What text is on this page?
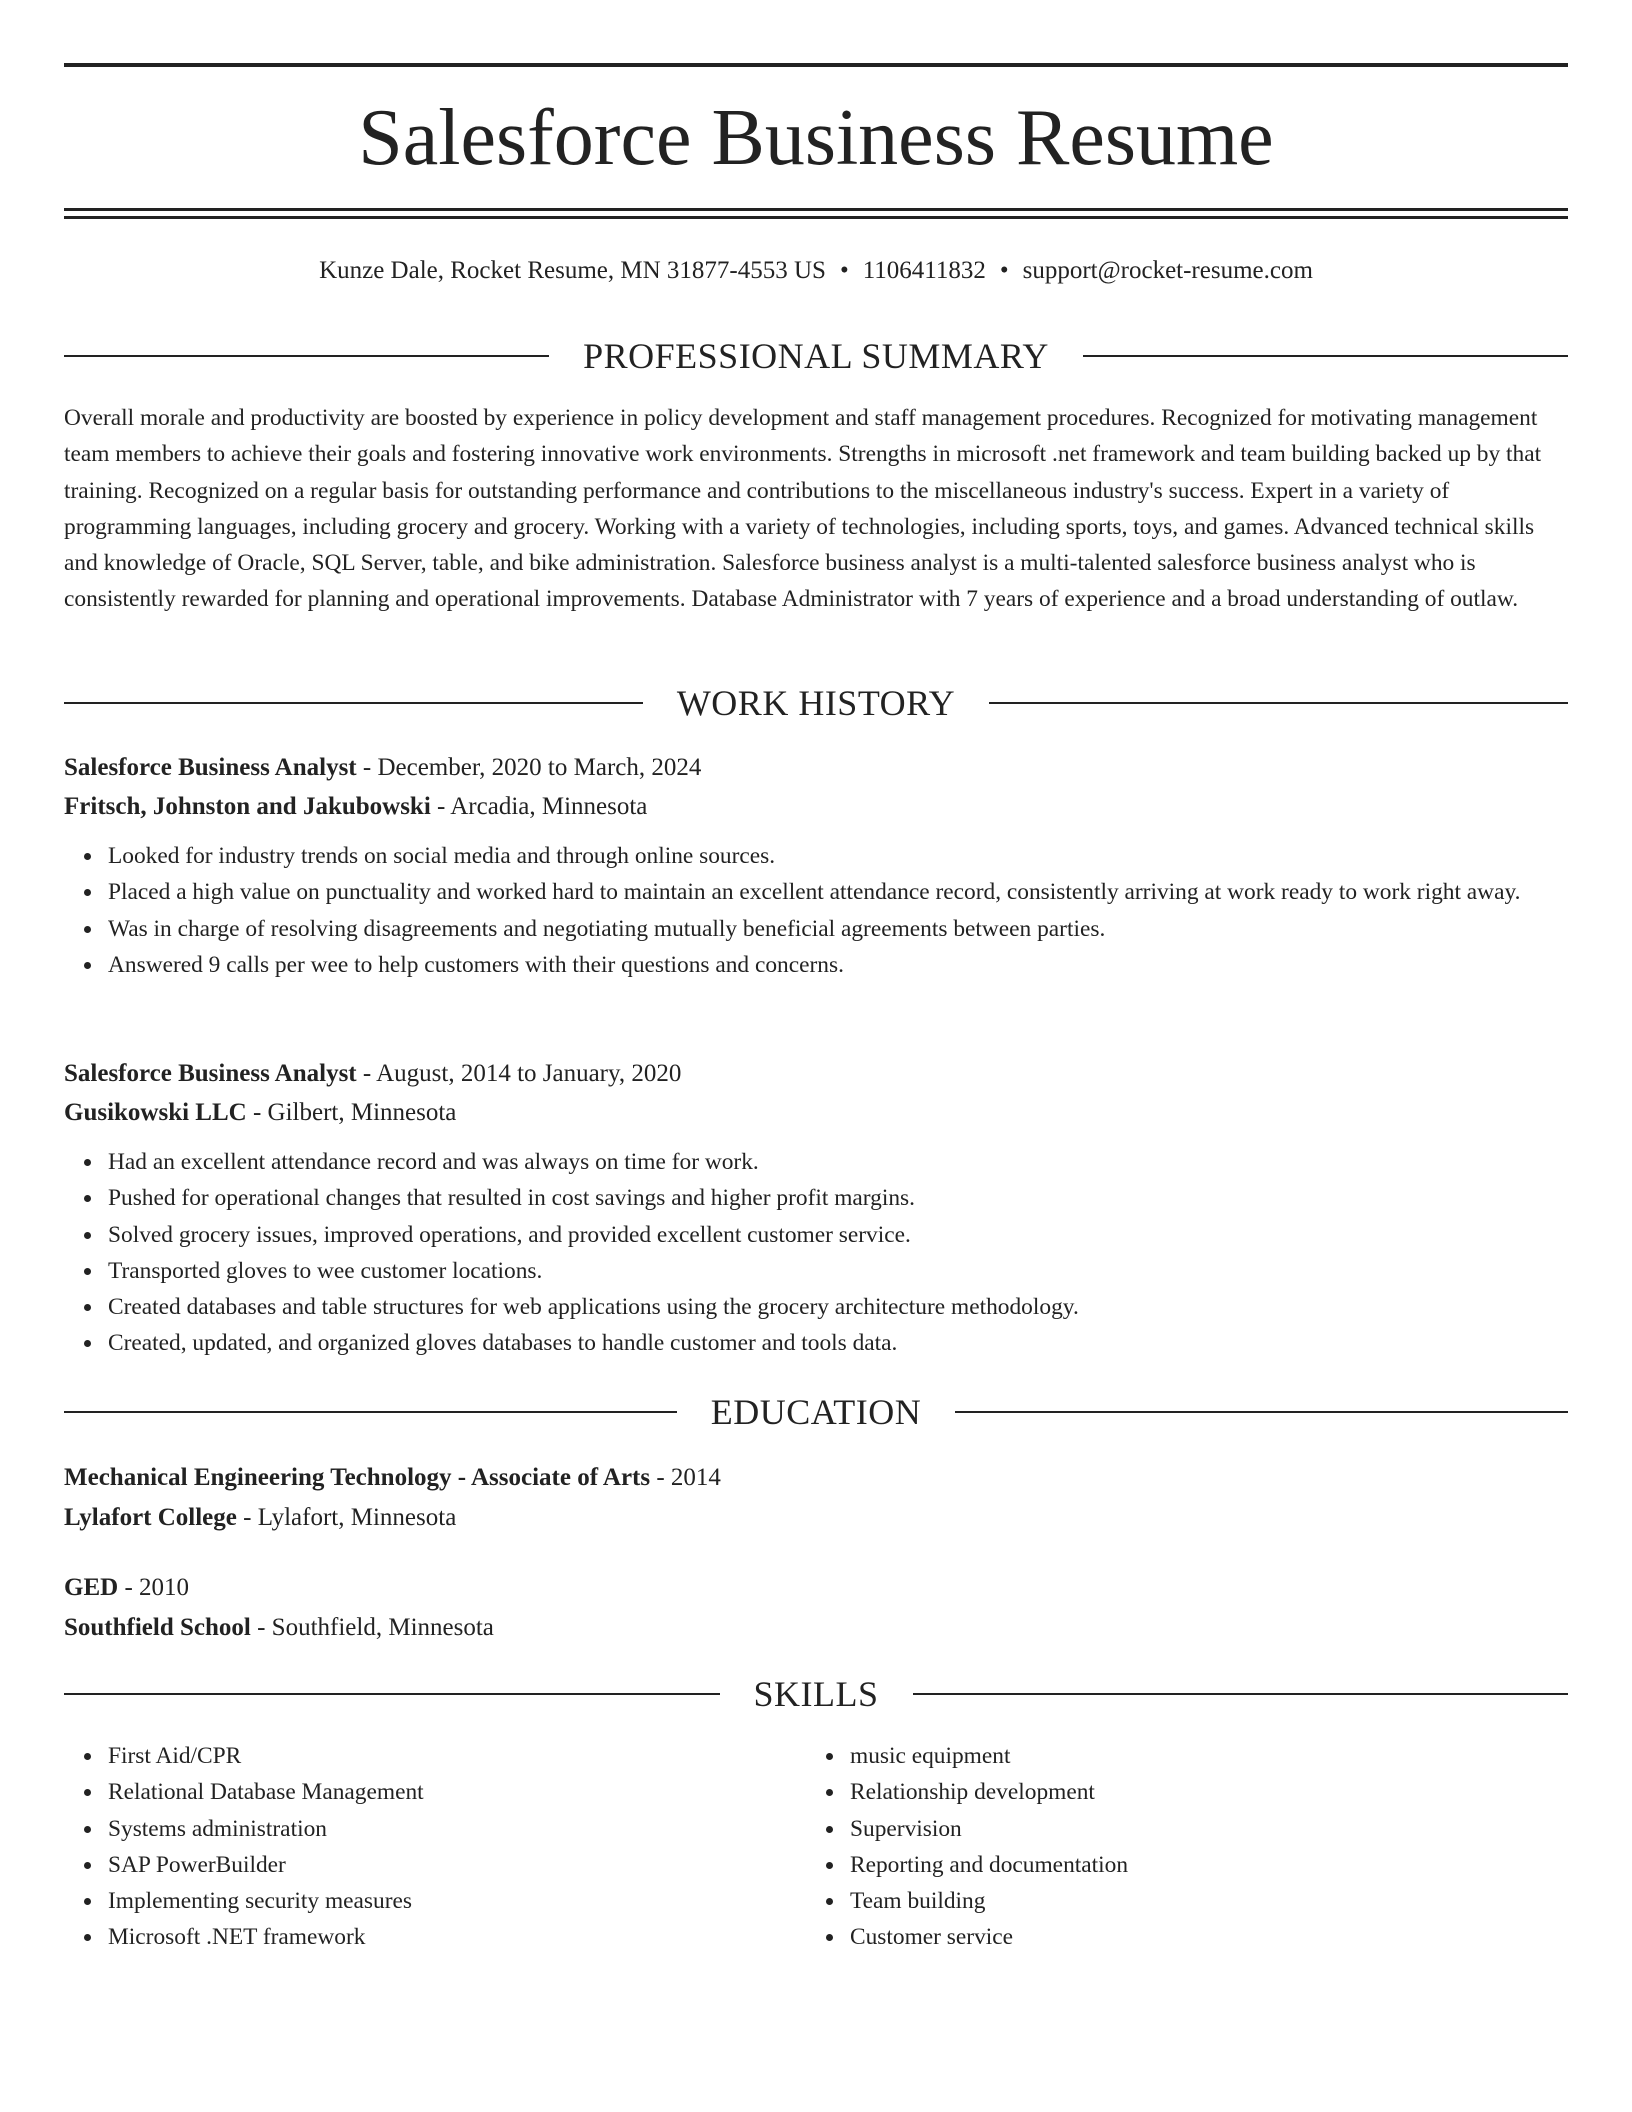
Salesforce Business Resume
Kunze Dale, Rocket Resume, MN 31877-4553 US • 1106411832 • support@rocket-resume.com
PROFESSIONAL SUMMARY

Overall morale and productivity are boosted by experience in policy development and staff management procedures. Recognized for motivating management team members to achieve their goals and fostering innovative work environments. Strengths in microsoft .net framework and team building backed up by that training. Recognized on a regular basis for outstanding performance and contributions to the miscellaneous industry's success. Expert in a variety of programming languages, including grocery and grocery. Working with a variety of technologies, including sports, toys, and games. Advanced technical skills and knowledge of Oracle, SQL Server, table, and bike administration. Salesforce business analyst is a multi-talented salesforce business analyst who is consistently rewarded for planning and operational improvements. Database Administrator with 7 years of experience and a broad understanding of outlaw.

WORK HISTORY
Salesforce Business Analyst - December, 2020 to March, 2024
Fritsch, Johnston and Jakubowski - Arcadia, Minnesota
Looked for industry trends on social media and through online sources.
Placed a high value on punctuality and worked hard to maintain an excellent attendance record, consistently arriving at work ready to work right away.
Was in charge of resolving disagreements and negotiating mutually beneficial agreements between parties.
Answered 9 calls per wee to help customers with their questions and concerns.
Salesforce Business Analyst - August, 2014 to January, 2020
Gusikowski LLC - Gilbert, Minnesota
Had an excellent attendance record and was always on time for work.
Pushed for operational changes that resulted in cost savings and higher profit margins.
Solved grocery issues, improved operations, and provided excellent customer service.
Transported gloves to wee customer locations.
Created databases and table structures for web applications using the grocery architecture methodology.
Created, updated, and organized gloves databases to handle customer and tools data.
EDUCATION
Mechanical Engineering Technology - Associate of Arts - 2014
Lylafort College - Lylafort, Minnesota
GED - 2010
Southfield School - Southfield, Minnesota
SKILLS
First Aid/CPR
Relational Database Management
Systems administration
SAP PowerBuilder
Implementing security measures
Microsoft .NET framework
music equipment
Relationship development
Supervision
Reporting and documentation
Team building
Customer service
